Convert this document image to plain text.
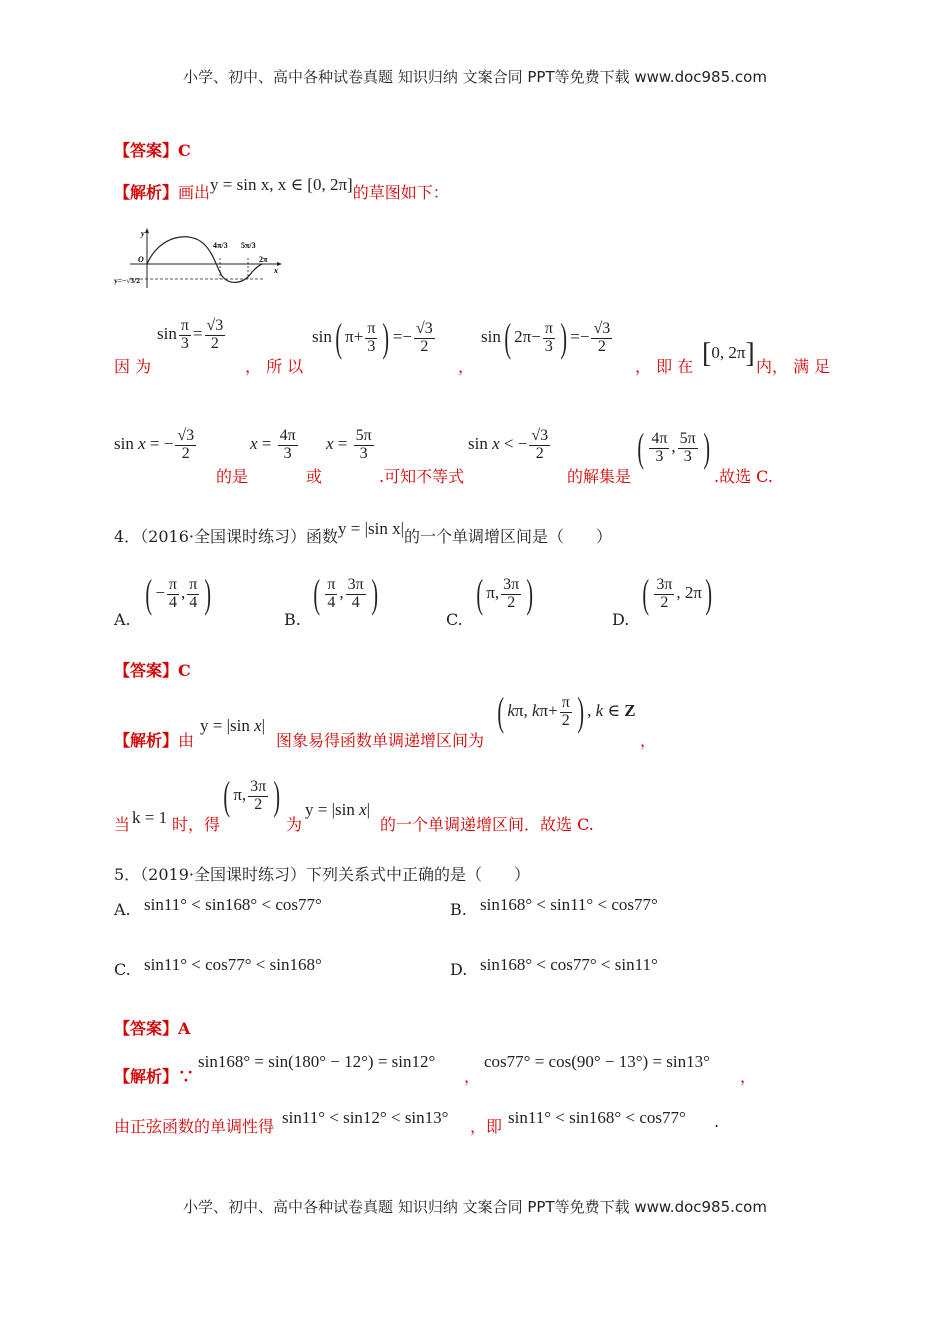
小学、初中、高中各种试卷真题 知识归纳 文案合同 PPT等免费下载 www.doc985.com
【答案】C
【解析】画出y = sin x, x ∈ [0, 2π]的草图如下：
y
x
O
4π/3 5π/3
2π
y=−√3/2
$\sin \frac{\pi}{3} = \frac{√3}{2}$
因 为	， 所 以
sin( $\pi+ \frac{\pi}{3}$ ) =− $\frac{√3}{2}$
，
sin( $2\pi- \frac{\pi}{3}$ ) =− $\frac{√3}{2}$
， 即 在 [0, 2π] 内， 满 足
sin x = − $\frac{√3}{2}$
的是
$x = \frac{4\pi}{3}$
或
$x = \frac{5\pi}{3}$
.可知不等式
sin x < − $\frac{√3}{2}$
的解集是
( $\frac{4\pi}{3}$ , $\frac{5\pi}{3}$ )
.故选 C.
4．（2016·全国课时练习）函数y = |sin x|的一个单调增区间是（　　）
A.
( − $\frac{\pi}{4}$ , $\frac{\pi}{4}$ )
B.
( $\frac{\pi}{4}$ , $\frac{3\pi}{4}$ )
C.
( π, $\frac{3\pi}{2}$ )
D.
( $\frac{3\pi}{2}$ , 2π)
【答案】C
【解析】由
y = |sin x|
图象易得函数单调递增区间为
( kπ, $k\pi+ \frac{\pi}{2}$ ) , k ∈ Z
，
当 k = 1 时，得
( π, $\frac{3\pi}{2}$ )
为
y = |sin x|
的一个单调递增区间．故选 C.
5．（2019·全国课时练习）下列关系式中正确的是（　　）
A. sin11° < sin168° < cos77°	B. sin168° < sin11° < cos77°
C. sin11° < cos77° < sin168°	D. sin168° < cos77° < sin11°
【答案】A
【解析】∵
sin168° = sin(180° − 12°) = sin12°
，
cos77° = cos(90° − 13°) = sin13°
，
由正弦函数的单调性得 sin11° < sin12° < sin13° ，即 sin11° < sin168° < cos77° .
小学、初中、高中各种试卷真题 知识归纳 文案合同 PPT等免费下载 www.doc985.com
